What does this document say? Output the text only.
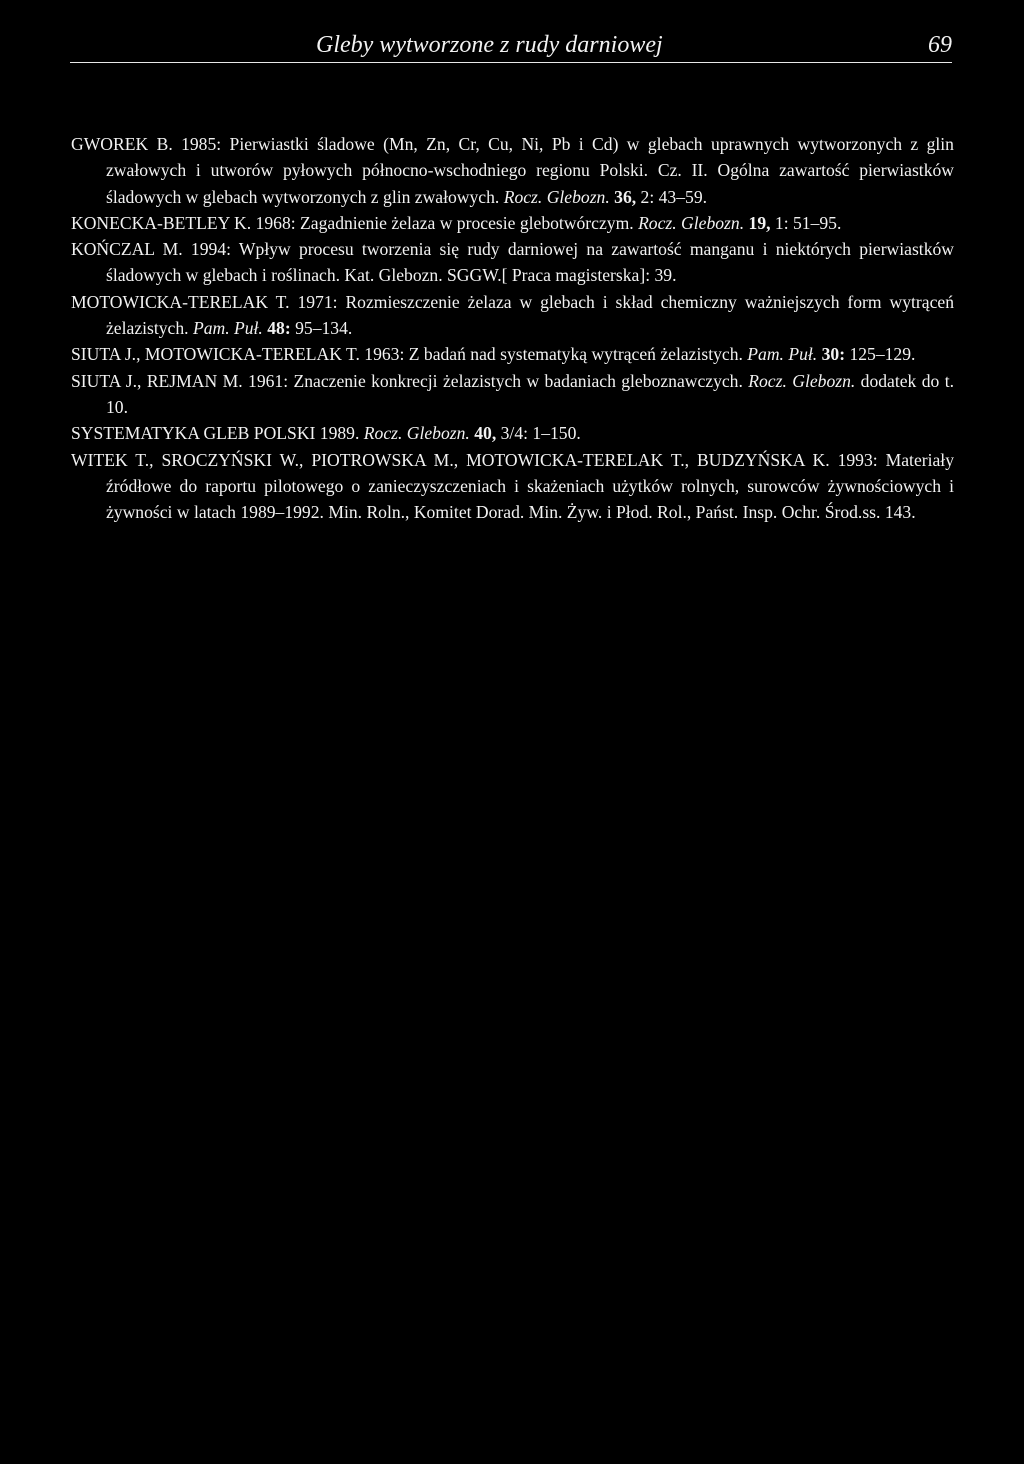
Gleby wytworzone z rudy darniowej	69

GWOREK B. 1985: Pierwiastki śladowe (Mn, Zn, Cr, Cu, Ni, Pb i Cd) w glebach uprawnych wytworzonych z glin zwałowych i utworów pyłowych północno-wschodniego regionu Polski. Cz. II. Ogólna zawartość pierwiastków śladowych w glebach wytworzonych z glin zwałowych. Rocz. Glebozn. 36, 2: 43–59.

KONECKA-BETLEY K. 1968: Zagadnienie żelaza w procesie glebotwórczym. Rocz. Glebozn. 19, 1: 51–95.

KOŃCZAL M. 1994: Wpływ procesu tworzenia się rudy darniowej na zawartość manganu i niektórych pierwiastków śladowych w glebach i roślinach. Kat. Glebozn. SGGW.[ Praca magisterska]: 39.

MOTOWICKA-TERELAK T. 1971: Rozmieszczenie żelaza w glebach i skład chemiczny ważniejszych form wytrąceń żelazistych. Pam. Puł. 48: 95–134.

SIUTA J., MOTOWICKA-TERELAK T. 1963: Z badań nad systematyką wytrąceń żelazistych. Pam. Puł. 30: 125–129.

SIUTA J., REJMAN M. 1961: Znaczenie konkrecji żelazistych w badaniach gleboznawczych. Rocz. Glebozn. dodatek do t. 10.

SYSTEMATYKA GLEB POLSKI 1989. Rocz. Glebozn. 40, 3/4: 1–150.

WITEK T., SROCZYŃSKI W., PIOTROWSKA M., MOTOWICKA-TERELAK T., BUDZYŃSKA K. 1993: Materiały źródłowe do raportu pilotowego o zanieczyszczeniach i skażeniach użytków rolnych, surowców żywnościowych i żywności w latach 1989–1992. Min. Roln., Komitet Dorad. Min. Żyw. i Płod. Rol., Państ. Insp. Ochr. Środ.ss. 143.
